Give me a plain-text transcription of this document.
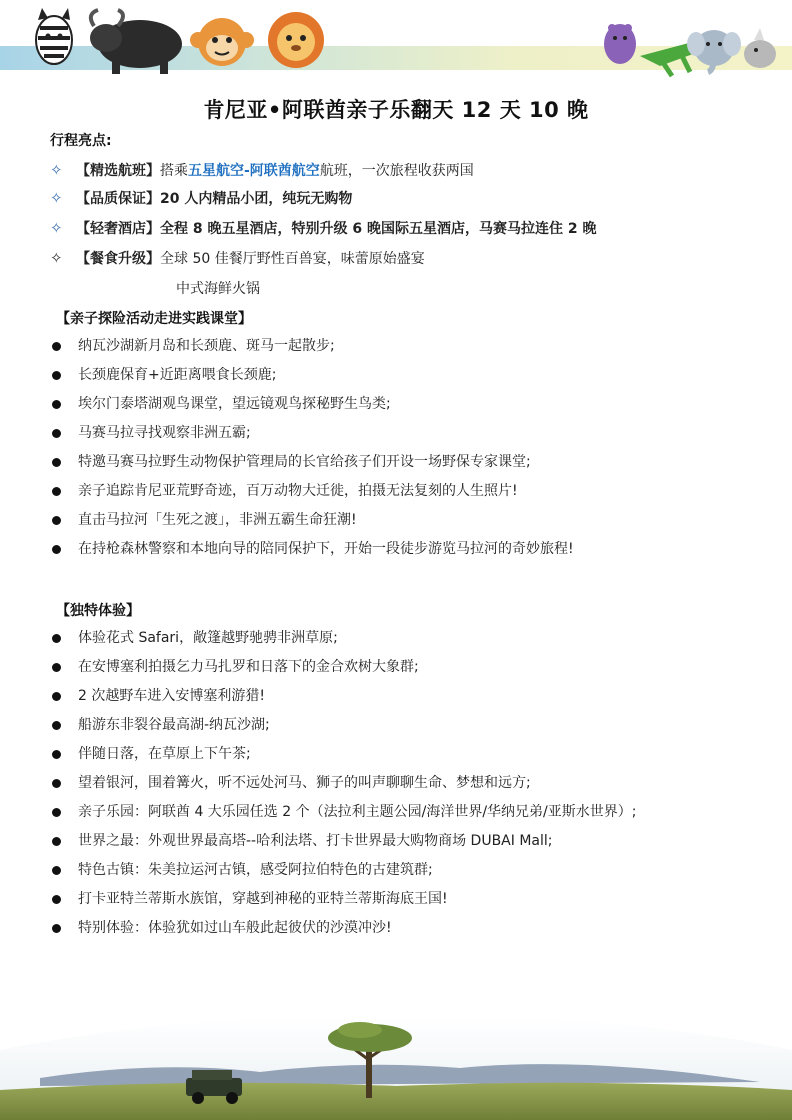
肯尼亚•阿联酋亲子乐翻天 12 天 10 晚
行程亮点:
✧ 【精选航班】搭乘五星航空-阿联酋航空航班，一次旅程收获两国
✧ 【品质保证】20 人内精品小团，纯玩无购物
✧ 【轻奢酒店】全程 8 晚五星酒店，特别升级 6 晚国际五星酒店，马赛马拉连住 2 晚
✧ 【餐食升级】全球 50 佳餐厅野性百兽宴，味蕾原始盛宴
中式海鲜火锅
【亲子探险活动走进实践课堂】
纳瓦沙湖新月岛和长颈鹿、斑马一起散步;
长颈鹿保育+近距离喂食长颈鹿;
埃尔门泰塔湖观鸟课堂，望远镜观鸟探秘野生鸟类;
马赛马拉寻找观察非洲五霸;
特邀马赛马拉野生动物保护管理局的长官给孩子们开设一场野保专家课堂;
亲子追踪肯尼亚荒野奇迹，百万动物大迁徙，拍摄无法复刻的人生照片!
直击马拉河「生死之渡」，非洲五霸生命狂潮!
在持枪森林警察和本地向导的陪同保护下，开始一段徒步游览马拉河的奇妙旅程!
【独特体验】
体验花式 Safari，敞篷越野驰骋非洲草原;
在安博塞利拍摄乞力马扎罗和日落下的金合欢树大象群;
2 次越野车进入安博塞利游猎!
船游东非裂谷最高湖-纳瓦沙湖;
伴随日落，在草原上下午茶;
望着银河，围着篝火，听不远处河马、狮子的叫声聊聊生命、梦想和远方;
亲子乐园：阿联酋 4 大乐园任选 2 个（法拉利主题公园/海洋世界/华纳兄弟/亚斯水世界）;
世界之最：外观世界最高塔--哈利法塔、打卡世界最大购物商场 DUBAI Mall;
特色古镇：朱美拉运河古镇，感受阿拉伯特色的古建筑群;
打卡亚特兰蒂斯水族馆，穿越到神秘的亚特兰蒂斯海底王国!
特别体验：体验犹如过山车般此起彼伏的沙漠冲沙!
